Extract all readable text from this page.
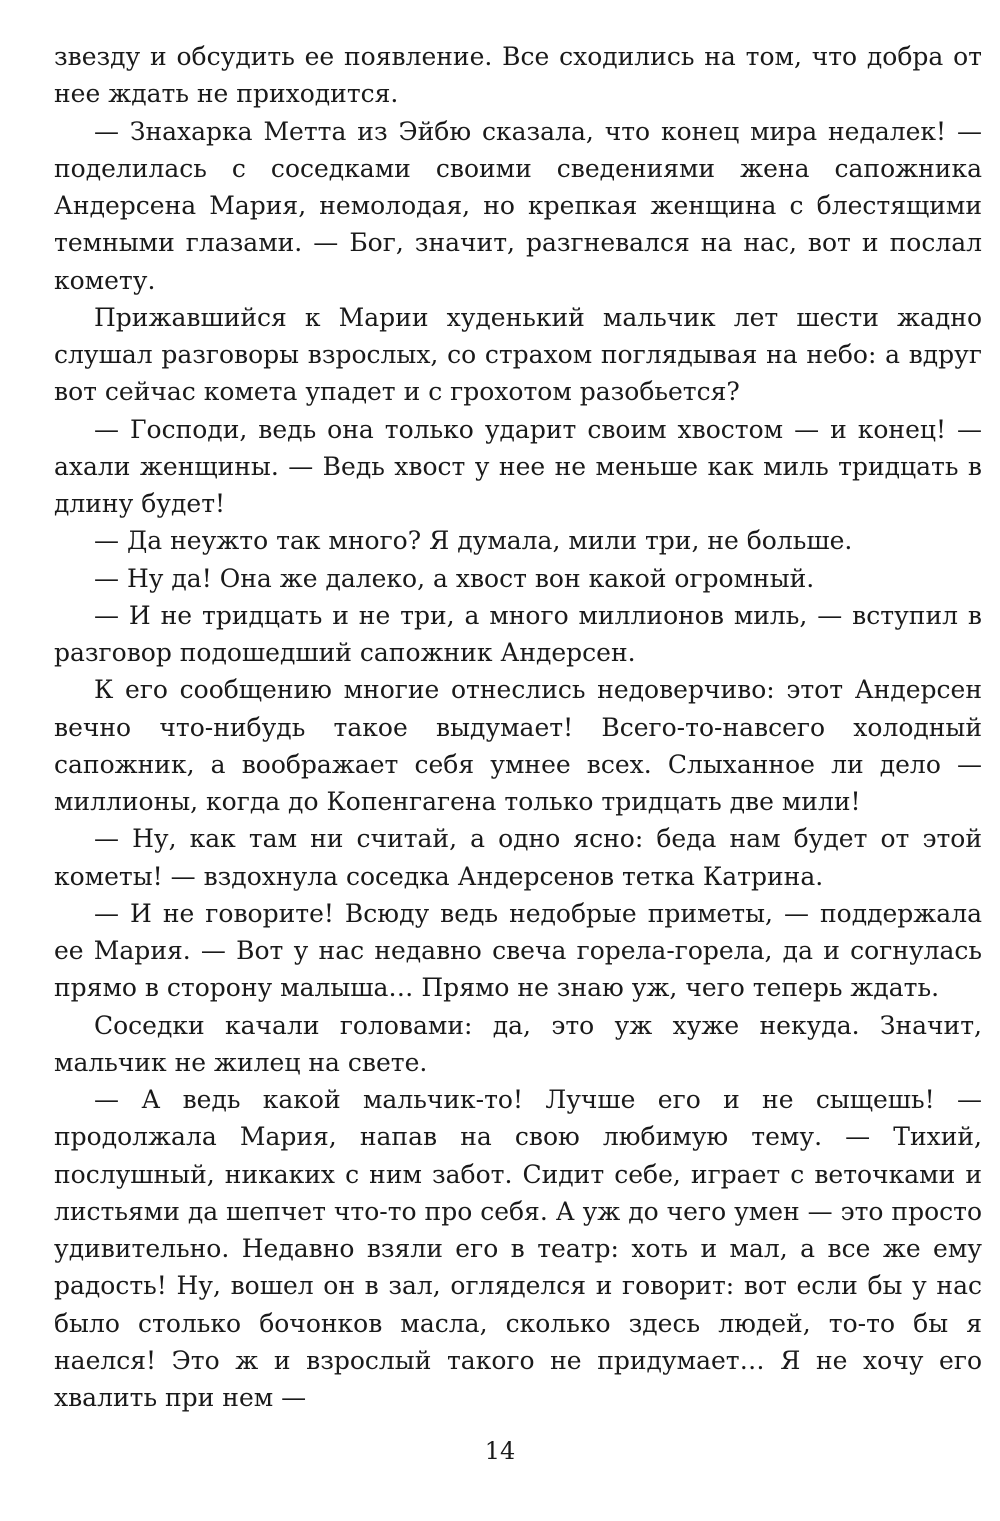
звезду и обсудить ее появление. Все сходились на том, что добра от нее ждать не приходится.

— Знахарка Метта из Эйбю сказала, что конец мира недалек! — поделилась с соседками своими сведениями жена сапожника Андерсена Мария, немолодая, но крепкая женщина с блестящими темными глазами. — Бог, значит, разгневался на нас, вот и послал комету.

Прижавшийся к Марии худенький мальчик лет шести жадно слушал разговоры взрослых, со страхом поглядывая на небо: а вдруг вот сейчас комета упадет и с грохотом разобьется?

— Господи, ведь она только ударит своим хвостом — и конец! — ахали женщины. — Ведь хвост у нее не меньше как миль тридцать в длину будет!

— Да неужто так много? Я думала, мили три, не больше.

— Ну да! Она же далеко, а хвост вон какой огромный.

— И не тридцать и не три, а много миллионов миль, — вступил в разговор подошедший сапожник Андерсен.

К его сообщению многие отнеслись недоверчиво: этот Андерсен вечно что-нибудь такое выдумает! Всего-то-навсего холодный сапожник, а воображает себя умнее всех. Слыханное ли дело — миллионы, когда до Копенгагена только тридцать две мили!

— Ну, как там ни считай, а одно ясно: беда нам будет от этой кометы! — вздохнула соседка Андерсенов тетка Катрина.

— И не говорите! Всюду ведь недобрые приметы, — поддержала ее Мария. — Вот у нас недавно свеча горела-горела, да и согнулась прямо в сторону малыша… Прямо не знаю уж, чего теперь ждать.

Соседки качали головами: да, это уж хуже некуда. Значит, мальчик не жилец на свете.

— А ведь какой мальчик-то! Лучше его и не сыщешь! — продолжала Мария, напав на свою любимую тему. — Тихий, послушный, никаких с ним забот. Сидит себе, играет с веточками и листьями да шепчет что-то про себя. А уж до чего умен — это просто удивительно. Недавно взяли его в театр: хоть и мал, а все же ему радость! Ну, вошел он в зал, огляделся и говорит: вот если бы у нас было столько бочонков масла, сколько здесь людей, то-то бы я наелся! Это ж и взрослый такого не придумает… Я не хочу его хвалить при нем —

14
